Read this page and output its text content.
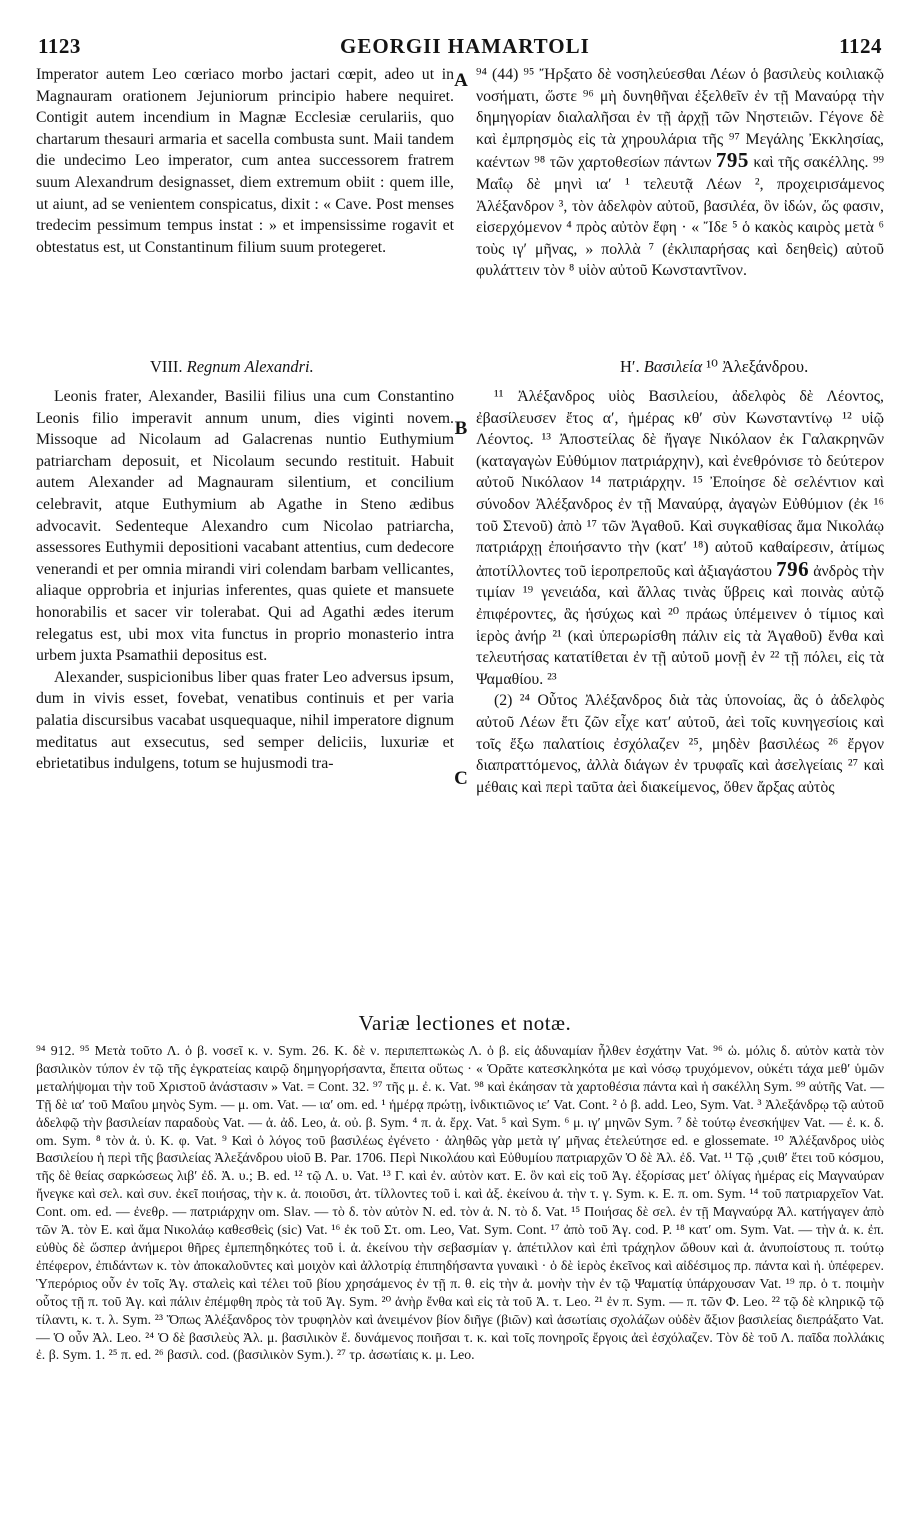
1123	GEORGII HAMARTOLI	1124
A
B
C

Imperator autem Leo cœriaco morbo jactari cœpit, adeo ut in Magnauram orationem Jejuniorum principio habere nequiret. Contigit autem incendium in Magnæ Ecclesiæ cerulariis, quo chartarum thesauri armaria et sacella combusta sunt. Maii tandem die undecimo Leo imperator, cum antea successorem fratrem suum Alexandrum designasset, diem extremum obiit : quem ille, ut aiunt, ad se venientem conspicatus, dixit : « Cave. Post menses tredecim pessimum tempus instat : » et impensissime rogavit et obtestatus est, ut Constantinum filium suum protegeret.

VIII. Regnum Alexandri.

Leonis frater, Alexander, Basilii filius una cum Constantino Leonis filio imperavit annum unum, dies viginti novem. Missoque ad Nicolaum ad Galacrenas nuntio Euthymium patriarcham deposuit, et Nicolaum secundo restituit. Habuit autem Alexander ad Magnauram silentium, et concilium celebravit, atque Euthymium ab Agathe in Steno ædibus advocavit. Sedenteque Alexandro cum Nicolao patriarcha, assessores Euthymii depositioni vacabant attentius, cum dedecore venerandi et per omnia mirandi viri colendam barbam vellicantes, aliaque opprobria et injurias inferentes, quas quiete et mansuete honorabilis et sacer vir tolerabat. Qui ad Agathi ædes iterum relegatus est, ubi mox vita functus in proprio monasterio intra urbem juxta Psamathii depositus est.

Alexander, suspicionibus liber quas frater Leo adversus ipsum, dum in vivis esset, fovebat, venatibus continuis et per varia palatia discursibus vacabat usquequaque, nihil imperatore dignum meditatus aut exsecutus, sed semper deliciis, luxuriæ et ebrietatibus indulgens, totum se hujusmodi tra-

⁹⁴ (44) ⁹⁵ Ἤρξατο δὲ νοσηλεύεσθαι Λέων ὁ βασιλεὺς κοιλιακῷ νοσήματι, ὥστε ⁹⁶ μὴ δυνηθῆναι ἐξελθεῖν ἐν τῇ Μαναύρᾳ τὴν δημηγορίαν διαλαλῆσαι ἐν τῇ ἀρχῇ τῶν Νηστειῶν. Γέγονε δὲ καὶ ἐμπρησμὸς εἰς τὰ χηρουλάρια τῆς ⁹⁷ Μεγάλης Ἐκκλησίας, καέντων ⁹⁸ τῶν χαρτοθεσίων πάντων 795 καὶ τῆς σακέλλης. ⁹⁹ Μαΐῳ δὲ μηνὶ ια′ ¹ τελευτᾷ Λέων ², προχειρισάμενος Ἀλέξανδρον ³, τὸν ἀδελφὸν αὐτοῦ, βασιλέα, ὃν ἰδών, ὥς φασιν, εἰσερχόμενον ⁴ πρὸς αὐτὸν ἔφη · « Ἴδε ⁵ ὁ κακὸς καιρὸς μετὰ ⁶ τοὺς ιγ′ μῆνας, » πολλὰ ⁷ (ἐκλιπαρήσας καὶ δεηθεὶς) αὐτοῦ φυλάττειν τὸν ⁸ υἱὸν αὐτοῦ Κωνσταντῖνον.

Η′. Βασιλεία ¹⁰ Ἀλεξάνδρου.

¹¹ Ἀλέξανδρος υἱὸς Βασιλείου, ἀδελφὸς δὲ Λέοντος, ἐβασίλευσεν ἔτος α′, ἡμέρας κθ′ σὺν Κωνσταντίνῳ ¹² υἱῷ Λέοντος. ¹³ Ἀποστείλας δὲ ἤγαγε Νικόλαον ἐκ Γαλακρηνῶν (καταγαγὼν Εὐθύμιον πατριάρχην), καὶ ἐνεθρόνισε τὸ δεύτερον αὐτοῦ Νικόλαον ¹⁴ πατριάρχην. ¹⁵ Ἐποίησε δὲ σελέντιον καὶ σύνοδον Ἀλέξανδρος ἐν τῇ Μαναύρᾳ, ἀγαγὼν Εὐθύμιον (ἐκ ¹⁶ τοῦ Στενοῦ) ἀπὸ ¹⁷ τῶν Ἀγαθοῦ. Καὶ συγκαθίσας ἅμα Νικολάῳ πατριάρχῃ ἐποιήσαντο τὴν (κατ′ ¹⁸) αὐτοῦ καθαίρεσιν, ἀτίμως ἀποτίλλοντες τοῦ ἱεροπρεποῦς καὶ ἀξιαγάστου 796 ἀνδρὸς τὴν τιμίαν ¹⁹ γενειάδα, καὶ ἄλλας τινὰς ὕβρεις καὶ ποινὰς αὐτῷ ἐπιφέροντες, ἃς ἡσύχως καὶ ²⁰ πράως ὑπέμεινεν ὁ τίμιος καὶ ἱερὸς ἀνήρ ²¹ (καὶ ὑπερωρίσθη πάλιν εἰς τὰ Ἀγαθοῦ) ἔνθα καὶ τελευτήσας κατατίθεται ἐν τῇ αὐτοῦ μονῇ ἐν ²² τῇ πόλει, εἰς τὰ Ψαμαθίου. ²³

(2) ²⁴ Οὗτος Ἀλέξανδρος διὰ τὰς ὑπονοίας, ἃς ὁ ἀδελφὸς αὐτοῦ Λέων ἔτι ζῶν εἶχε κατ′ αὐτοῦ, ἀεὶ τοῖς κυνηγεσίοις καὶ τοῖς ἔξω παλατίοις ἐσχόλαζεν ²⁵, μηδὲν βασιλέως ²⁶ ἔργον διαπραττόμενος, ἀλλὰ διάγων ἐν τρυφαῖς καὶ ἀσελγείαις ²⁷ καὶ μέθαις καὶ περὶ ταῦτα ἀεὶ διακείμενος, ὅθεν ἄρξας αὐτὸς

Variæ lectiones et notæ.

⁹⁴ 912. ⁹⁵ Μετὰ τοῦτο Λ. ὁ β. νοσεῖ κ. ν. Sym. 26. Κ. δὲ ν. περιπεπτωκὼς Λ. ὁ β. εἰς ἀδυναμίαν ἦλθεν ἐσχάτην Vat. ⁹⁶ ὡ. μόλις δ. αὐτὸν κατὰ τὸν βασιλικὸν τύπον ἐν τῷ τῆς ἐγκρατείας καιρῷ δημηγορήσαντα, ἔπειτα οὕτως · « Ὁρᾶτε κατεσκληκότα με καὶ νόσῳ τρυχόμενον, οὐκέτι τάχα μεθ′ ὑμῶν μεταλήψομαι τὴν τοῦ Χριστοῦ ἀνάστασιν » Vat. = Cont. 32. ⁹⁷ τῆς μ. ἐ. κ. Vat. ⁹⁸ καὶ ἐκάησαν τὰ χαρτοθέσια πάντα καὶ ἡ σακέλλη Sym. ⁹⁹ αὐτῆς Vat. — Τῇ δὲ ια′ τοῦ Μαΐου μηνὸς Sym. — μ. om. Vat. — ια′ om. ed. ¹ ἡμέρᾳ πρώτῃ, ἰνδικτιῶνος ιε′ Vat. Cont. ² ὁ β. add. Leo, Sym. Vat. ³ Ἀλεξάνδρῳ τῷ αὐτοῦ ἀδελφῷ τὴν βασιλείαν παραδοὺς Vat. — ἀ. ἀδ. Leo, ἀ. οὐ. β. Sym. ⁴ π. ἀ. ἔρχ. Vat. ⁵ καὶ Sym. ⁶ μ. ιγ′ μηνῶν Sym. ⁷ δὲ τούτῳ ἐνεσκήψεν Vat. — ἐ. κ. δ. om. Sym. ⁸ τὸν ἀ. ὑ. Κ. φ. Vat. ⁹ Καὶ ὁ λόγος τοῦ βασιλέως ἐγένετο · ἀληθῶς γὰρ μετὰ ιγ′ μῆνας ἐτελεύτησε ed. e glossemate. ¹⁰ Ἀλέξανδρος υἱὸς Βασιλείου ἡ περὶ τῆς βασιλείας Ἀλεξάνδρου υἱοῦ Β. Par. 1706. Περὶ Νικολάου καὶ Εὐθυμίου πατριαρχῶν Ὁ δὲ Ἀλ. ἐδ. Vat. ¹¹ Τῷ ‚ϛυιθ′ ἔτει τοῦ κόσμου, τῆς δὲ θείας σαρκώσεως λιβ′ ἐδ. Ἀ. υ.; Β. ed. ¹² τῷ Λ. υ. Vat. ¹³ Γ. καὶ ἐν. αὐτὸν κατ. Ε. ὃν καὶ εἰς τοῦ Ἀγ. ἐξορίσας μετ′ ὀλίγας ἡμέρας εἰς Μαγναύραν ἤνεγκε καὶ σελ. καὶ συν. ἐκεῖ ποιήσας, τὴν κ. ἀ. ποιοῦσι, ἀτ. τίλλοντες τοῦ ἱ. καὶ ἀξ. ἐκείνου ἀ. τὴν τ. γ. Sym. κ. Ε. π. om. Sym. ¹⁴ τοῦ πατριαρχεῖον Vat. Cont. om. ed. — ἐνεθρ. — πατριάρχην om. Slav. — τὸ δ. τὸν αὐτὸν Ν. ed. τὸν ἀ. Ν. τὸ δ. Vat. ¹⁵ Ποιήσας δὲ σελ. ἐν τῇ Μαγναύρᾳ Ἀλ. κατήγαγεν ἀπὸ τῶν Ἀ. τὸν Ε. καὶ ἅμα Νικολάῳ καθεσθεὶς (sic) Vat. ¹⁶ ἐκ τοῦ Στ. om. Leo, Vat. Sym. Cont. ¹⁷ ἀπὸ τοῦ Ἀγ. cod. P. ¹⁸ κατ′ om. Sym. Vat. — τὴν ἀ. κ. ἐπ. εὐθὺς δὲ ὥσπερ ἀνήμεροι θῆρες ἐμπεπηδηκότες τοῦ ἱ. ἀ. ἐκείνου τὴν σεβασμίαν γ. ἀπέτιλλον καὶ ἐπὶ τράχηλον ὤθουν καὶ ἀ. ἀνυποίστους π. τούτῳ ἐπέφερον, ἐπιδάντων κ. τὸν ἀποκαλοῦντες καὶ μοιχὸν καὶ ἀλλοτρίᾳ ἐπιπηδήσαντα γυναικὶ · ὁ δὲ ἱερὸς ἐκεῖνος καὶ αἰδέσιμος πρ. πάντα καὶ ἡ. ὑπέφερεν. Ὑπερόριος οὖν ἐν τοῖς Ἀγ. σταλεὶς καὶ τέλει τοῦ βίου χρησάμενος ἐν τῇ π. θ. εἰς τὴν ἀ. μονὴν τὴν ἐν τῷ Ψαματίᾳ ὑπάρχουσαν Vat. ¹⁹ πρ. ὁ τ. ποιμὴν οὗτος τῇ π. τοῦ Ἀγ. καὶ πάλιν ἐπέμφθη πρὸς τὰ τοῦ Ἀγ. Sym. ²⁰ ἀνὴρ ἔνθα καὶ εἰς τὰ τοῦ Ἀ. τ. Leo. ²¹ ἐν π. Sym. — π. τῶν Φ. Leo. ²² τῷ δὲ κληρικῷ τῷ τίλαντι, κ. τ. λ. Sym. ²³ Ὅπως Ἀλέξανδρος τὸν τρυφηλὸν καὶ ἀνειμένον βίον διῆγε (βιῶν) καὶ ἀσωτίαις σχολάζων οὐδὲν ἄξιον βασιλείας διεπράξατο Vat. — Ὁ οὖν Ἀλ. Leo. ²⁴ Ὁ δὲ βασιλεὺς Ἀλ. μ. βασιλικὸν ἔ. δυνάμενος ποιῆσαι τ. κ. καὶ τοῖς πονηροῖς ἔργοις ἀεὶ ἐσχόλαζεν. Τὸν δὲ τοῦ Λ. παῖδα πολλάκις ἐ. β. Sym. 1. ²⁵ π. ed. ²⁶ βασιλ. cod. (βασιλικὸν Sym.). ²⁷ τρ. ἀσωτίαις κ. μ. Leo.
